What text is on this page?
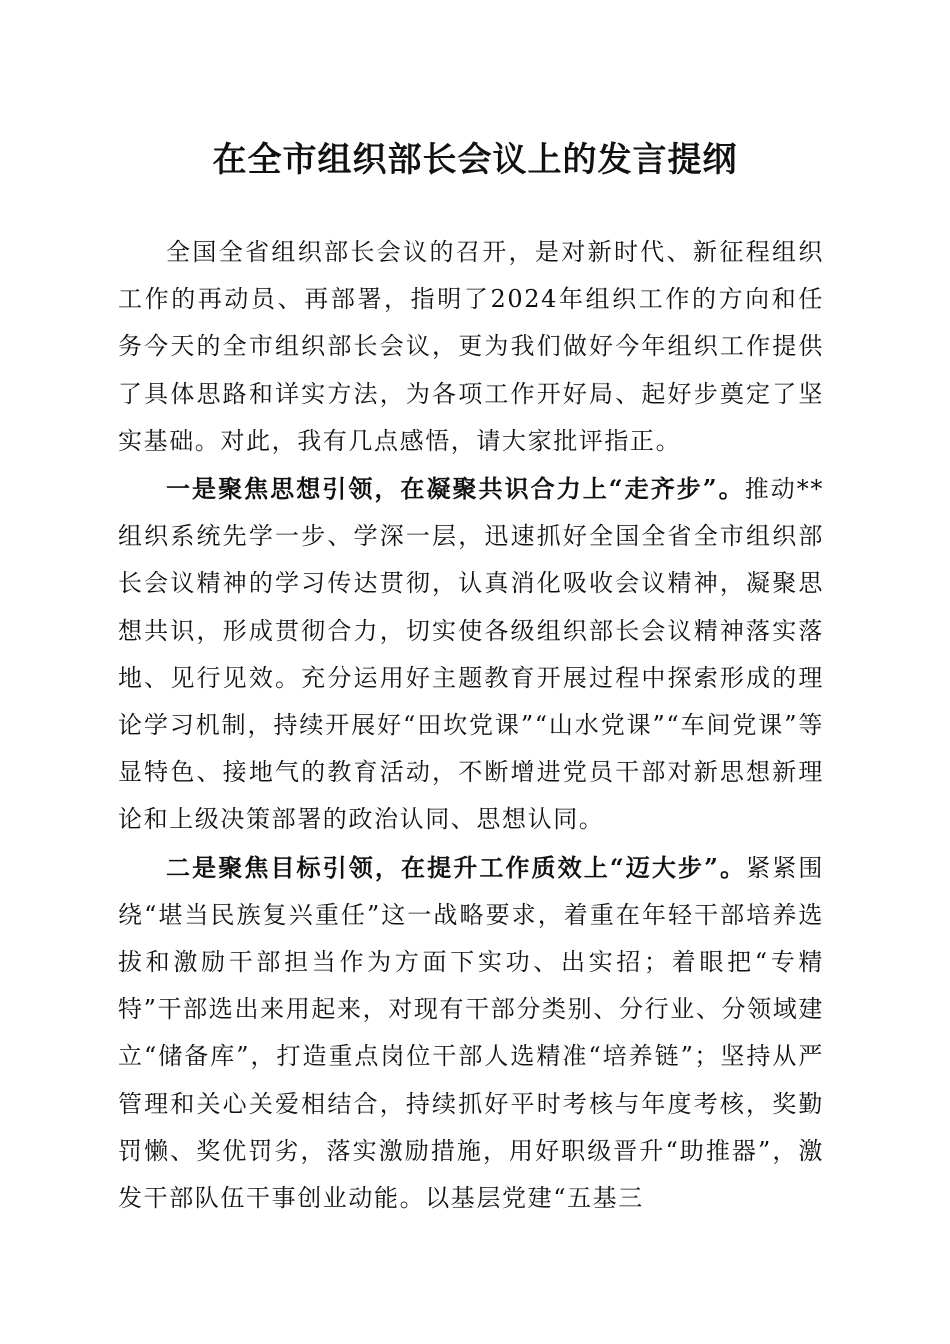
在全市组织部长会议上的发言提纲

全国全省组织部长会议的召开，是对新时代、新征程组织工作的再动员、再部署，指明了2024年组织工作的方向和任务今天的全市组织部长会议，更为我们做好今年组织工作提供了具体思路和详实方法，为各项工作开好局、起好步奠定了坚实基础。对此，我有几点感悟，请大家批评指正。

一是聚焦思想引领，在凝聚共识合力上“走齐步”。推动**组织系统先学一步、学深一层，迅速抓好全国全省全市组织部长会议精神的学习传达贯彻，认真消化吸收会议精神，凝聚思想共识，形成贯彻合力，切实使各级组织部长会议精神落实落地、见行见效。充分运用好主题教育开展过程中探索形成的理论学习机制，持续开展好“田坎党课”“山水党课”“车间党课”等显特色、接地气的教育活动，不断增进党员干部对新思想新理论和上级决策部署的政治认同、思想认同。

二是聚焦目标引领，在提升工作质效上“迈大步”。紧紧围绕“堪当民族复兴重任”这一战略要求，着重在年轻干部培养选拔和激励干部担当作为方面下实功、出实招；着眼把“专精特”干部选出来用起来，对现有干部分类别、分行业、分领域建立“储备库”，打造重点岗位干部人选精准“培养链”；坚持从严管理和关心关爱相结合，持续抓好平时考核与年度考核，奖勤罚懒、奖优罚劣，落实激励措施，用好职级晋升“助推器”，激发干部队伍干事创业动能。以基层党建“五基三
